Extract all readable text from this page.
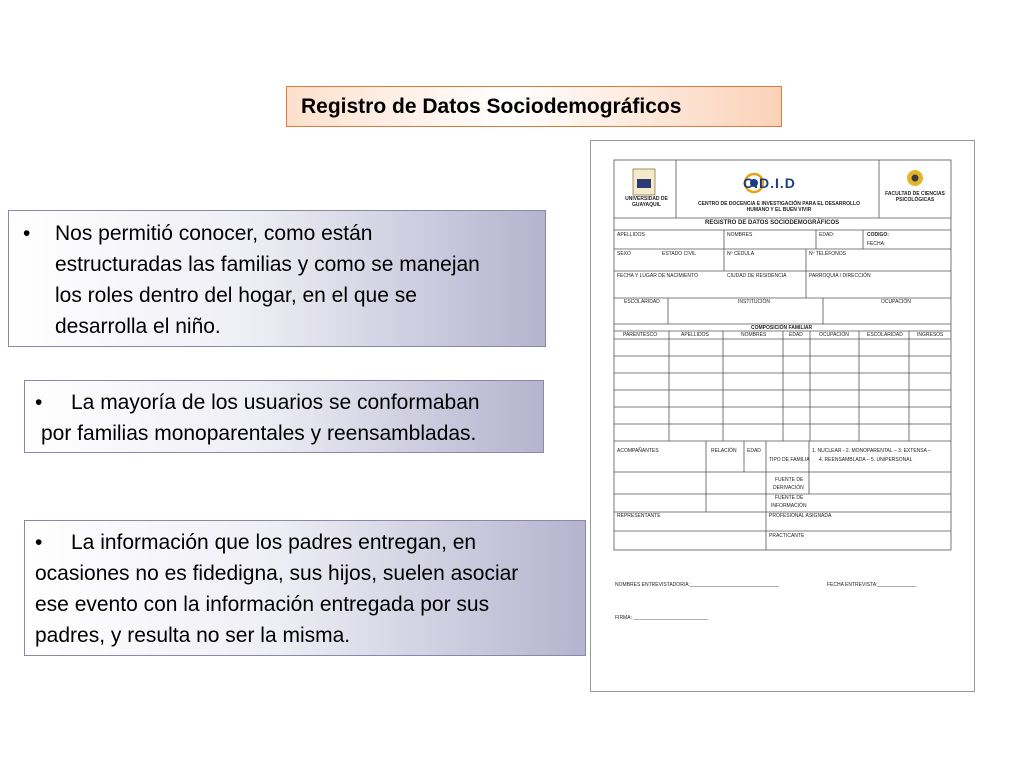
Registro de Datos Sociodemográficos
•	Nos permitió conocer, como están
estructuradas las familias y como se manejan
los roles dentro del hogar, en el que se
desarrolla el niño.
•	La mayoría de los usuarios se conformaban
por familias monoparentales y reensambladas.
•	La información que los padres entregan, en
ocasiones no es fidedigna, sus hijos, suelen asociar
ese evento con la información entregada por sus
padres, y resulta no ser la misma.
C.D.I.D
UNIVERSIDAD DE GUAYAQUIL	CENTRO DE DOCENCIA E INVESTIGACIÓN PARA EL DESARROLLO HUMANO Y EL BUEN VIVIR
FACULTAD DE CIENCIAS PSICOLÓGICAS
REGISTRO DE DATOS SOCIODEMOGRÁFICOS
APELLIDOS	NOMBRES	EDAD:	CODIGO:
FECHA:
SEXO	ESTADO CIVIL	Nº CÉDULA	Nº TELÉFONOS
FECHA Y LUGAR DE NACIMIENTO	CIUDAD DE RESIDENCIA	PARROQUIA / DIRECCIÓN
ESCOLARIDAD	INSTITUCIÓN	OCUPACIÓN
COMPOSICIÓN FAMILIAR
PARENTESCO	APELLIDOS	NOMBRES	EDAD	OCUPACIÓN	ESCOLARIDAD	INGRESOS
ACOMPAÑANTES	RELACIÓN EDAD
TIPO DE FAMILIA
1. NUCLEAR - 2. MONOPARENTAL – 3. EXTENSA –
4. REENSAMBLADA – 5. UNIPERSONAL
FUENTE DE
DERIVACIÓN
FUENTE DE
INFORMACIÓN
REPRESENTANTE	PROFESIONAL ASIGNADA
PRACTICANTE
NOMBRES ENTREVISTADOR/A:________________________________	FECHA ENTREVISTA:______________
FIRMA: ___________________________
